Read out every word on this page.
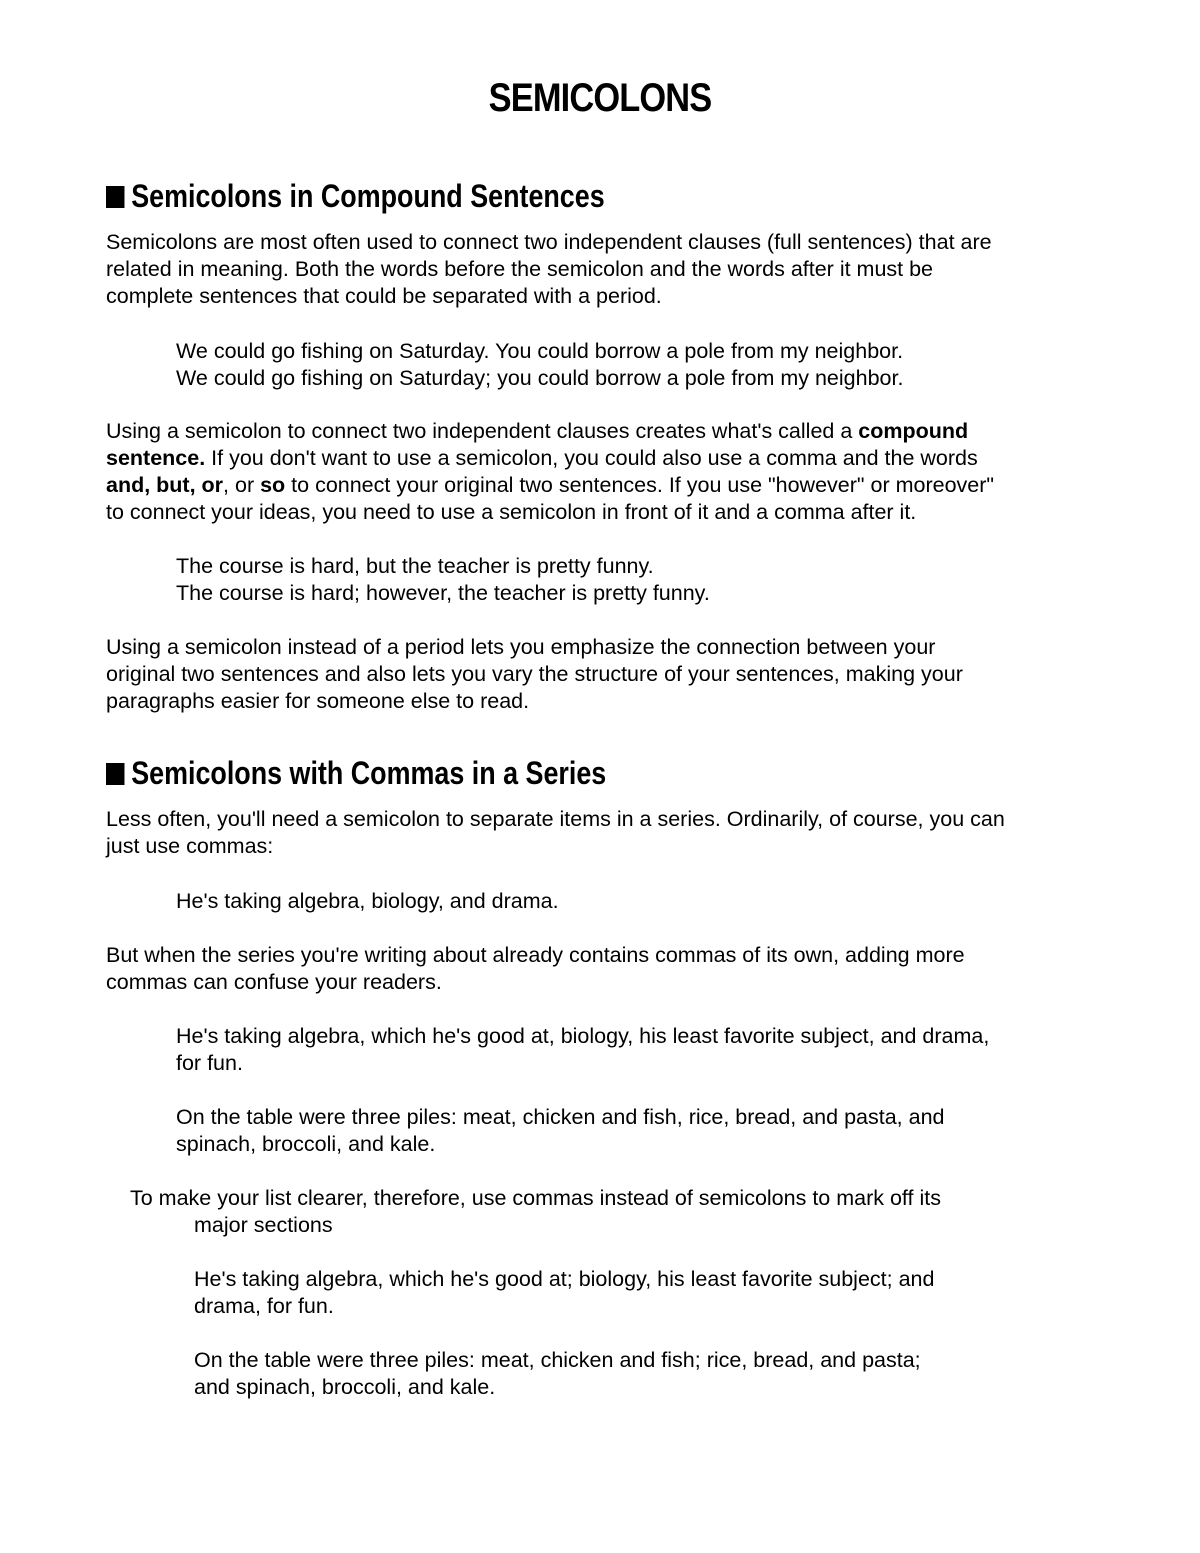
SEMICOLONS
Semicolons in Compound Sentences

Semicolons are most often used to connect two independent clauses (full sentences) that are
related in meaning. Both the words before the semicolon and the words after it must be
complete sentences that could be separated with a period.

We could go fishing on Saturday. You could borrow a pole from my neighbor.
We could go fishing on Saturday; you could borrow a pole from my neighbor.

Using a semicolon to connect two independent clauses creates what's called a compound
sentence. If you don't want to use a semicolon, you could also use a comma and the words
and, but, or, or so to connect your original two sentences. If you use "however" or moreover"
to connect your ideas, you need to use a semicolon in front of it and a comma after it.

The course is hard, but the teacher is pretty funny.
The course is hard; however, the teacher is pretty funny.

Using a semicolon instead of a period lets you emphasize the connection between your
original two sentences and also lets you vary the structure of your sentences, making your
paragraphs easier for someone else to read.

Semicolons with Commas in a Series

Less often, you'll need a semicolon to separate items in a series. Ordinarily, of course, you can
just use commas:

He's taking algebra, biology, and drama.

But when the series you're writing about already contains commas of its own, adding more
commas can confuse your readers.

He's taking algebra, which he's good at, biology, his least favorite subject, and drama,
for fun.

On the table were three piles: meat, chicken and fish, rice, bread, and pasta, and
spinach, broccoli, and kale.

To make your list clearer, therefore, use commas instead of semicolons to mark off its
major sections

He's taking algebra, which he's good at; biology, his least favorite subject; and
drama, for fun.

On the table were three piles: meat, chicken and fish; rice, bread, and pasta;
and spinach, broccoli, and kale.
